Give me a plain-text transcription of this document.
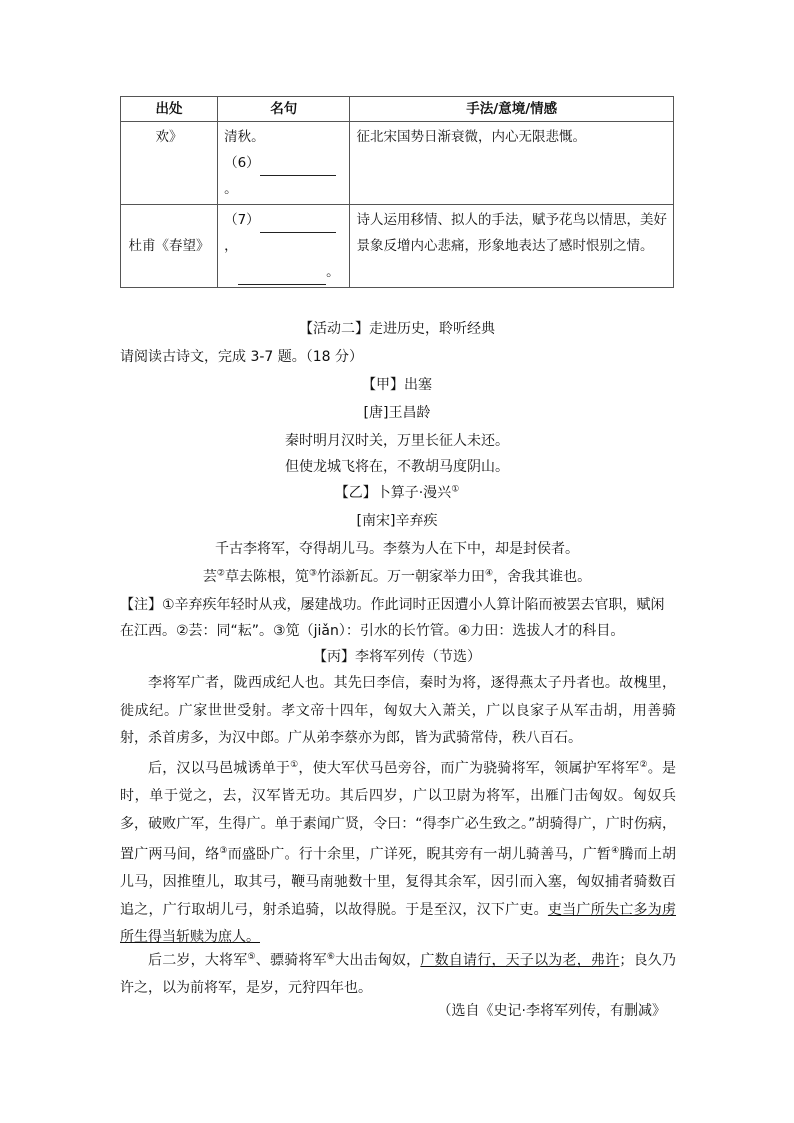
出处	名句	手法/意境/情感
欢》	清秋。
（6）
。	征北宋国势日渐衰微，内心无限悲慨。
杜甫《春望》	（7）
，
。	诗人运用移情、拟人的手法，赋予花鸟以情思，美好景象反增内心悲痛，形象地表达了感时恨别之情。
【活动二】走进历史，聆听经典
请阅读古诗文，完成 3-7 题。（18 分）
【甲】出塞
[唐]王昌龄
秦时明月汉时关，万里长征人未还。
但使龙城飞将在，不教胡马度阴山。
【乙】卜算子·漫兴①
[南宋]辛弃疾
千古李将军，夺得胡儿马。李蔡为人在下中，却是封侯者。
芸②草去陈根，笕③竹添新瓦。万一朝家举力田④，舍我其谁也。
【注】①辛弃疾年轻时从戎，屡建战功。作此词时正因遭小人算计陷而被罢去官职，赋闲
在江西。②芸：同“耘”。③笕（jiǎn）：引水的长竹管。④力田：选拔人才的科目。
【丙】李将军列传（节选）
李将军广者，陇西成纪人也。其先曰李信，秦时为将，逐得燕太子丹者也。故槐里，徙成纪。广家世世受射。孝文帝十四年，匈奴大入萧关，广以良家子从军击胡，用善骑射，杀首虏多，为汉中郎。广从弟李蔡亦为郎，皆为武骑常侍，秩八百石。
后，汉以马邑城诱单于①，使大军伏马邑旁谷，而广为骁骑将军，领属护军将军②。是时，单于觉之，去，汉军皆无功。其后四岁，广以卫尉为将军，出雁门击匈奴。匈奴兵多，破败广军，生得广。单于素闻广贤，令曰：“得李广必生致之。”胡骑得广，广时伤病，置广两马间，络③而盛卧广。行十余里，广详死，睨其旁有一胡儿骑善马，广暂④腾而上胡儿马，因推堕儿，取其弓，鞭马南驰数十里，复得其余军，因引而入塞，匈奴捕者骑数百追之，广行取胡儿弓，射杀追骑，以故得脱。于是至汉，汉下广吏。吏当广所失亡多为虏所生得当斩赎为庶人。
后二岁，大将军⑤、骠骑将军⑥大出击匈奴，广数自请行，天子以为老，弗许；良久乃许之，以为前将军，是岁，元狩四年也。
（选自《史记·李将军列传，有删减》
